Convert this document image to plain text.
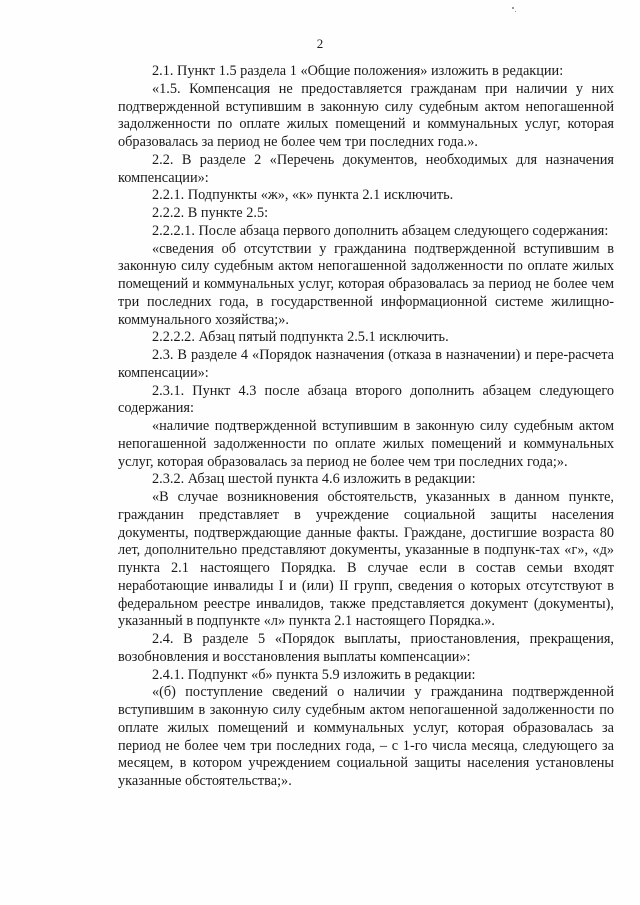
2

2.1. Пункт 1.5 раздела 1 «Общие положения» изложить в редакции:

«1.5. Компенсация не предоставляется гражданам при наличии у них подтвержденной вступившим в законную силу судебным актом непогашенной задолженности по оплате жилых помещений и коммунальных услуг, которая образовалась за период не более чем три последних года.».

2.2. В разделе 2 «Перечень документов, необходимых для назначения компенсации»:

2.2.1. Подпункты «ж», «к» пункта 2.1 исключить.

2.2.2. В пункте 2.5:

2.2.2.1. После абзаца первого дополнить абзацем следующего содержания:

«сведения об отсутствии у гражданина подтвержденной вступившим в законную силу судебным актом непогашенной задолженности по оплате жилых помещений и коммунальных услуг, которая образовалась за период не более чем три последних года, в государственной информационной системе жилищно-коммунального хозяйства;».

2.2.2.2. Абзац пятый подпункта 2.5.1 исключить.

2.3. В разделе 4 «Порядок назначения (отказа в назначении) и пере-расчета компенсации»:

2.3.1. Пункт 4.3 после абзаца второго дополнить абзацем следующего содержания:

«наличие подтвержденной вступившим в законную силу судебным актом непогашенной задолженности по оплате жилых помещений и коммунальных услуг, которая образовалась за период не более чем три последних года;».

2.3.2. Абзац шестой пункта 4.6 изложить в редакции:

«В случае возникновения обстоятельств, указанных в данном пункте, гражданин представляет в учреждение социальной защиты населения документы, подтверждающие данные факты. Граждане, достигшие возраста 80 лет, дополнительно представляют документы, указанные в подпунк-тах «г», «д» пункта 2.1 настоящего Порядка. В случае если в состав семьи входят неработающие инвалиды I и (или) II групп, сведения о которых отсутствуют в федеральном реестре инвалидов, также представляется документ (документы), указанный в подпункте «л» пункта 2.1 настоящего Порядка.».

2.4. В разделе 5 «Порядок выплаты, приостановления, прекращения, возобновления и восстановления выплаты компенсации»:

2.4.1. Подпункт «б» пункта 5.9 изложить в редакции:

«(б) поступление сведений о наличии у гражданина подтвержденной вступившим в законную силу судебным актом непогашенной задолженности по оплате жилых помещений и коммунальных услуг, которая образовалась за период не более чем три последних года, – с 1-го числа месяца, следующего за месяцем, в котором учреждением социальной защиты населения установлены указанные обстоятельства;».
